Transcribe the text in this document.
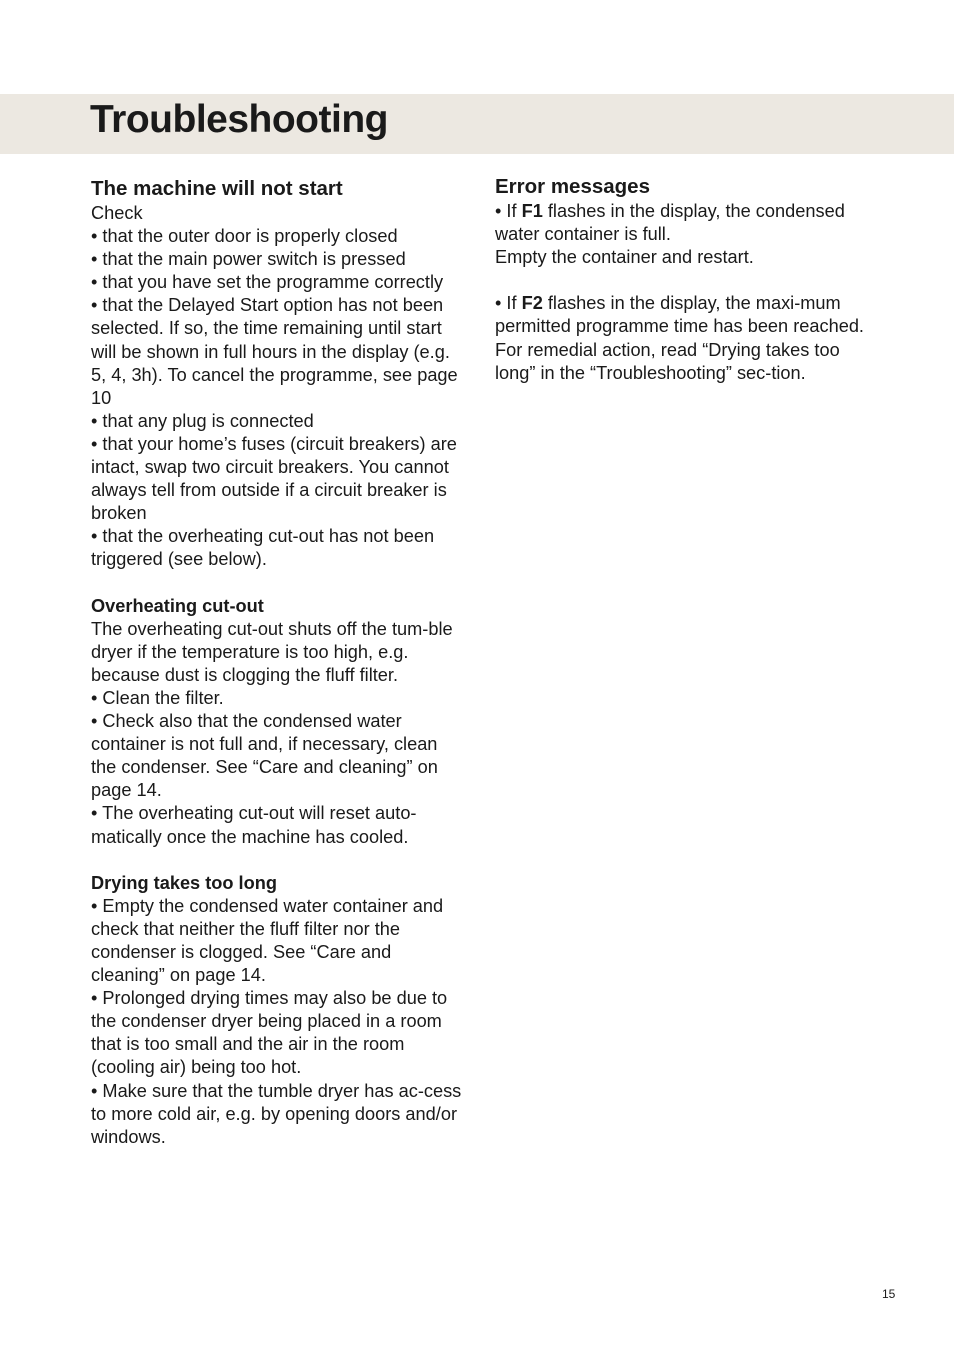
Troubleshooting
The machine will not start

Check

• that the outer door is properly closed

• that the main power switch is pressed

• that you have set the programme correctly

• that the Delayed Start option has not been selected. If so, the time remaining until start will be shown in full hours in the display (e.g. 5, 4, 3h). To cancel the programme, see page 10

• that any plug is connected

• that your home’s fuses (circuit breakers) are intact, swap two circuit breakers. You cannot always tell from outside if a circuit breaker is broken

• that the overheating cut-out has not been triggered (see below).

Overheating cut-out

The overheating cut-out shuts off the tum-ble dryer if the temperature is too high, e.g. because dust is clogging the fluff filter.

• Clean the filter.

• Check also that the condensed water container is not full and, if necessary, clean the condenser. See “Care and cleaning” on page 14.

• The overheating cut-out will reset auto-matically once the machine has cooled.

Drying takes too long

• Empty the condensed water container and check that neither the fluff filter nor the condenser is clogged. See “Care and cleaning” on page 14.

• Prolonged drying times may also be due to the condenser dryer being placed in a room that is too small and the air in the room (cooling air) being too hot.

• Make sure that the tumble dryer has ac-cess to more cold air, e.g. by opening doors and/or windows.

Error messages

• If F1 flashes in the display, the condensed water container is full.

Empty the container and restart.

• If F2 flashes in the display, the maxi-mum permitted programme time has been reached. For remedial action, read “Drying takes too long” in the “Troubleshooting” sec-tion.

15
